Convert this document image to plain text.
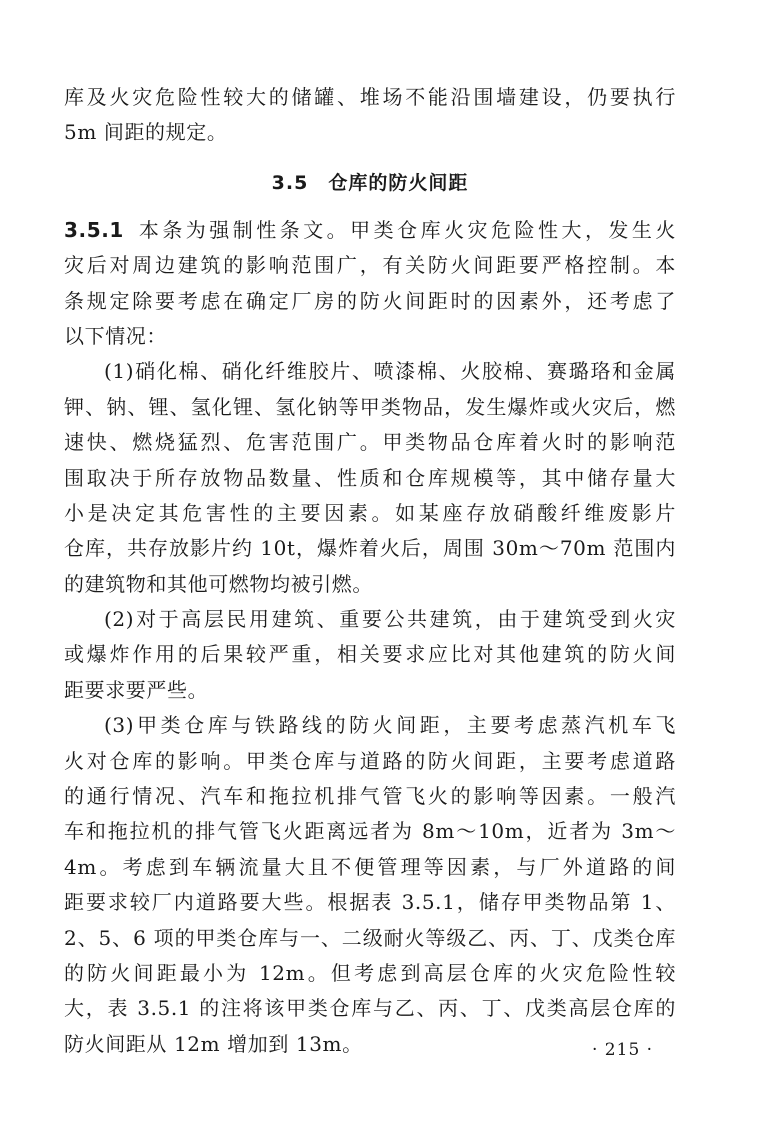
库及火灾危险性较大的储罐、堆场不能沿围墙建设，仍要执行
5m 间距的规定。
3.5　仓库的防火间距
3.5.1 本条为强制性条文。甲类仓库火灾危险性大，发生火
灾后对周边建筑的影响范围广，有关防火间距要严格控制。本
条规定除要考虑在确定厂房的防火间距时的因素外，还考虑了
以下情况：
(1)硝化棉、硝化纤维胶片、喷漆棉、火胶棉、赛璐珞和金属
钾、钠、锂、氢化锂、氢化钠等甲类物品，发生爆炸或火灾后，燃
速快、燃烧猛烈、危害范围广。甲类物品仓库着火时的影响范
围取决于所存放物品数量、性质和仓库规模等，其中储存量大
小是决定其危害性的主要因素。如某座存放硝酸纤维废影片
仓库，共存放影片约 10t，爆炸着火后，周围 30m～70m 范围内
的建筑物和其他可燃物均被引燃。
(2)对于高层民用建筑、重要公共建筑，由于建筑受到火灾
或爆炸作用的后果较严重，相关要求应比对其他建筑的防火间
距要求要严些。
(3)甲类仓库与铁路线的防火间距，主要考虑蒸汽机车飞
火对仓库的影响。甲类仓库与道路的防火间距，主要考虑道路
的通行情况、汽车和拖拉机排气管飞火的影响等因素。一般汽
车和拖拉机的排气管飞火距离远者为 8m～10m，近者为 3m～
4m。考虑到车辆流量大且不便管理等因素，与厂外道路的间
距要求较厂内道路要大些。根据表 3.5.1，储存甲类物品第 1、
2、5、6 项的甲类仓库与一、二级耐火等级乙、丙、丁、戊类仓库
的防火间距最小为 12m。但考虑到高层仓库的火灾危险性较
大，表 3.5.1 的注将该甲类仓库与乙、丙、丁、戊类高层仓库的
防火间距从 12m 增加到 13m。	· 215 ·
